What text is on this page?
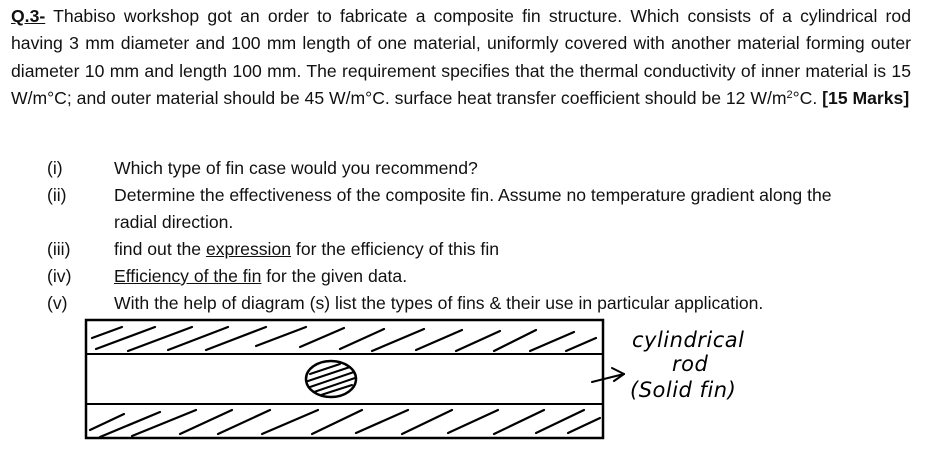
Q.3- Thabiso workshop got an order to fabricate a composite fin structure. Which consists of a cylindrical rod having 3 mm diameter and 100 mm length of one material, uniformly covered with another material forming outer diameter 10 mm and length 100 mm. The requirement specifies that the thermal conductivity of inner material is 15 W/m°C; and outer material should be 45 W/m°C. surface heat transfer coefficient should be 12 $W/m^2^\circ C$. [15 Marks]
(i)	Which type of fin case would you recommend?
(ii)	Determine the effectiveness of the composite fin. Assume no temperature gradient along the
radial direction.
(iii) find out the expression for the efficiency of this fin
(iv) Efficiency of the fin for the given data.
(v)	With the help of diagram (s) list the types of fins & their use in particular application.
cylindrical
rod
(Solid fin)
